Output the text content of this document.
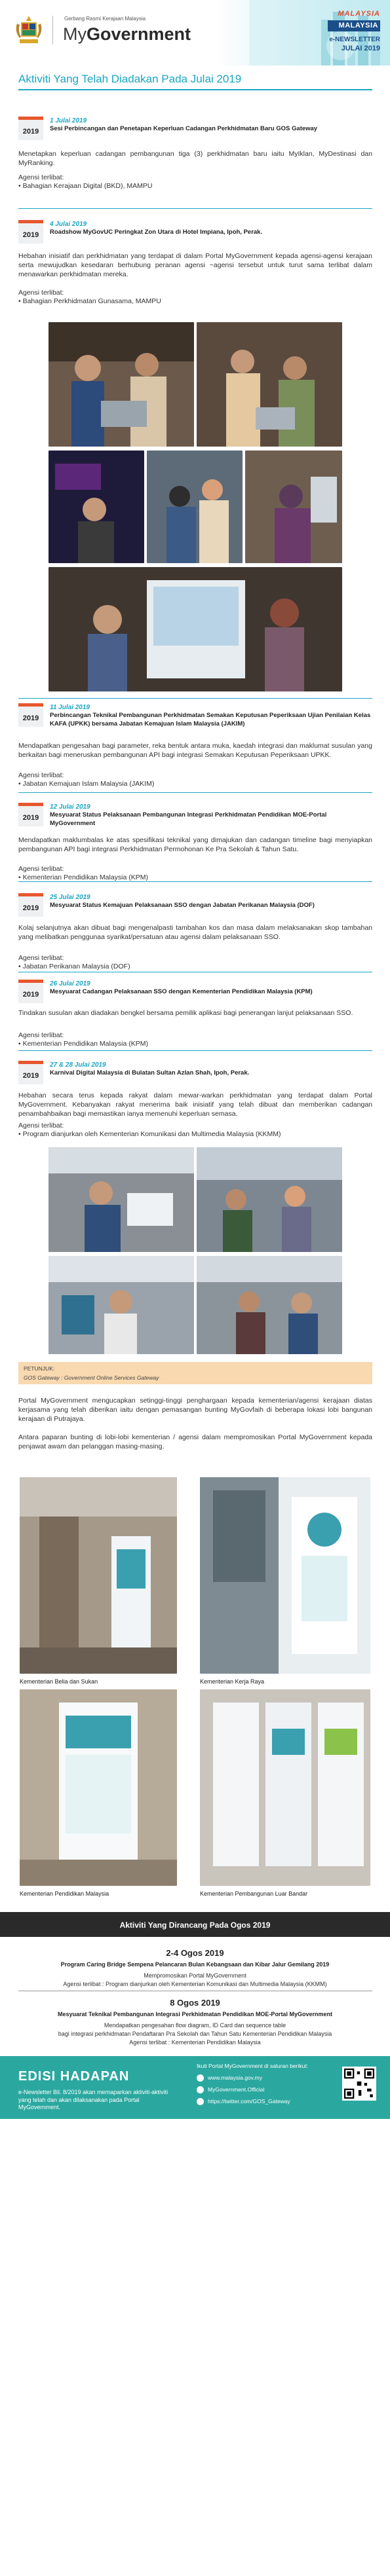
Gerbang Rasmi Kerajaan Malaysia
MyGovernment
MALAYSIA
MALAYSIA
e-NEWSLETTER
JULAI 2019
Aktiviti Yang Telah Diadakan Pada Julai 2019
2019
1 Julai 2019
Sesi Perbincangan dan Penetapan Keperluan Cadangan Perkhidmatan Baru GOS Gateway
Menetapkan keperluan cadangan pembangunan tiga (3) perkhidmatan baru iaitu MyIklan, MyDestinasi dan MyRanking.
Agensi terlibat:
• Bahagian Kerajaan Digital (BKD), MAMPU
2019
4 Julai 2019
Roadshow MyGovUC Peringkat Zon Utara di Hotel Impiana, Ipoh, Perak.
Hebahan inisiatif dan perkhidmatan yang terdapat di dalam Portal MyGovernment kepada agensi-agensi kerajaan serta mewujudkan kesedaran berhubung peranan agensi −agensi tersebut untuk turut sama terlibat dalam menawarkan perkhidmatan mereka.
Agensi terlibat:
• Bahagian Perkhidmatan Gunasama, MAMPU
2019
11 Julai 2019
Perbincangan Teknikal Pembangunan Perkhidmatan Semakan Keputusan Peperiksaan Ujian Penilaian Kelas KAFA (UPKK) bersama Jabatan Kemajuan Islam Malaysia (JAKIM)
Mendapatkan pengesahan bagi parameter, reka bentuk antara muka, kaedah integrasi dan maklumat susulan yang berkaitan bagi meneruskan pembangunan API bagi integrasi Semakan Keputusan Peperiksaan UPKK.
Agensi terlibat:
• Jabatan Kemajuan Islam Malaysia (JAKIM)
2019
12 Julai 2019
Mesyuarat Status Pelaksanaan Pembangunan Integrasi Perkhidmatan Pendidikan MOE-Portal MyGovernment
Mendapatkan maklumbalas ke atas spesifikasi teknikal yang dimajukan dan cadangan timeline bagi menyiapkan pembangunan API bagi integrasi Perkhidmatan Permohonan Ke Pra Sekolah & Tahun Satu.
Agensi terlibat:
• Kementerian Pendidikan Malaysia (KPM)
2019
25 Julai 2019
Mesyuarat Status Kemajuan Pelaksanaan SSO dengan Jabatan Perikanan Malaysia (DOF)
Kolaj selanjutnya akan dibuat bagi mengenalpasti tambahan kos dan masa dalam melaksanakan skop tambahan yang melibatkan penggunaa syarikat/persatuan atau agensi dalam pelaksanaan SSO.
Agensi terlibat:
• Jabatan Perikanan Malaysia (DOF)
2019
26 Julai 2019
Mesyuarat Cadangan Pelaksanaan SSO dengan Kementerian Pendidikan Malaysia (KPM)
Tindakan susulan akan diadakan bengkel bersama pemilik aplikasi bagi penerangan lanjut pelaksanaan SSO.
Agensi terlibat:
• Kementerian Pendidikan Malaysia (KPM)
2019
27 & 28 Julai 2019
Karnival Digital Malaysia di Bulatan Sultan Azlan Shah, Ipoh, Perak.
Hebahan secara terus kepada rakyat dalam mewar-warkan perkhidmatan yang terdapat dalam Portal MyGovernment. Kebanyakan rakyat menerima baik inisiatif yang telah dibuat dan memberikan cadangan penambahbaikan bagi memastikan ianya memenuhi keperluan semasa.
Agensi terlibat:
• Program dianjurkan oleh Kementerian Komunikasi dan Multimedia Malaysia (KKMM)
PETUNJUK:
GOS Gateway : Government Online Services Gateway
Portal MyGovernment mengucapkan setinggi-tinggi penghargaan kepada kementerian/agensi kerajaan diatas kerjasama yang telah diberikan iaitu dengan pemasangan bunting MyGovfaih di beberapa lokasi lobi bangunan kerajaan di Putrajaya.
Antara paparan bunting di lobi-lobi kementerian / agensi dalam mempromosikan Portal MyGovernment kepada penjawat awam dan pelanggan masing-masing.
Kementerian Belia dan Sukan	Kementerian Kerja Raya
Kementerian Pendidikan Malaysia	Kementerian Pembangunan Luar Bandar
Aktiviti Yang Dirancang Pada Ogos 2019
2-4 Ogos 2019
Program Caring Bridge Sempena Pelancaran Bulan Kebangsaan dan Kibar Jalur Gemilang 2019
Mempromosikan Portal MyGovernment
Agensi terlibat : Program dianjurkan oleh Kementerian Komunikasi dan Multimedia Malaysia (KKMM)
8 Ogos 2019
Mesyuarat Teknikal Pembangunan Integrasi Perkhidmatan Pendidikan MOE-Portal MyGovernment
Mendapatkan pengesahan flow diagram, ID Card dan sequence table
bagi integrasi perkhidmatan Pendaftaran Pra Sekolah dan Tahun Satu Kementerian Pendidikan Malaysia
Agensi terlibat : Kementerian Pendidikan Malaysia
EDISI HADAPAN
e-Newsletter Bil. 8/2019 akan memaparkan aktiviti-aktiviti yang telah dan akan dilaksanakan pada Portal MyGovernment.
Ikuti Portal MyGovernment di saluran berikut:
www.malaysia.gov.my
MyGovernment.Official
https://twitter.com/GOS_Gateway
